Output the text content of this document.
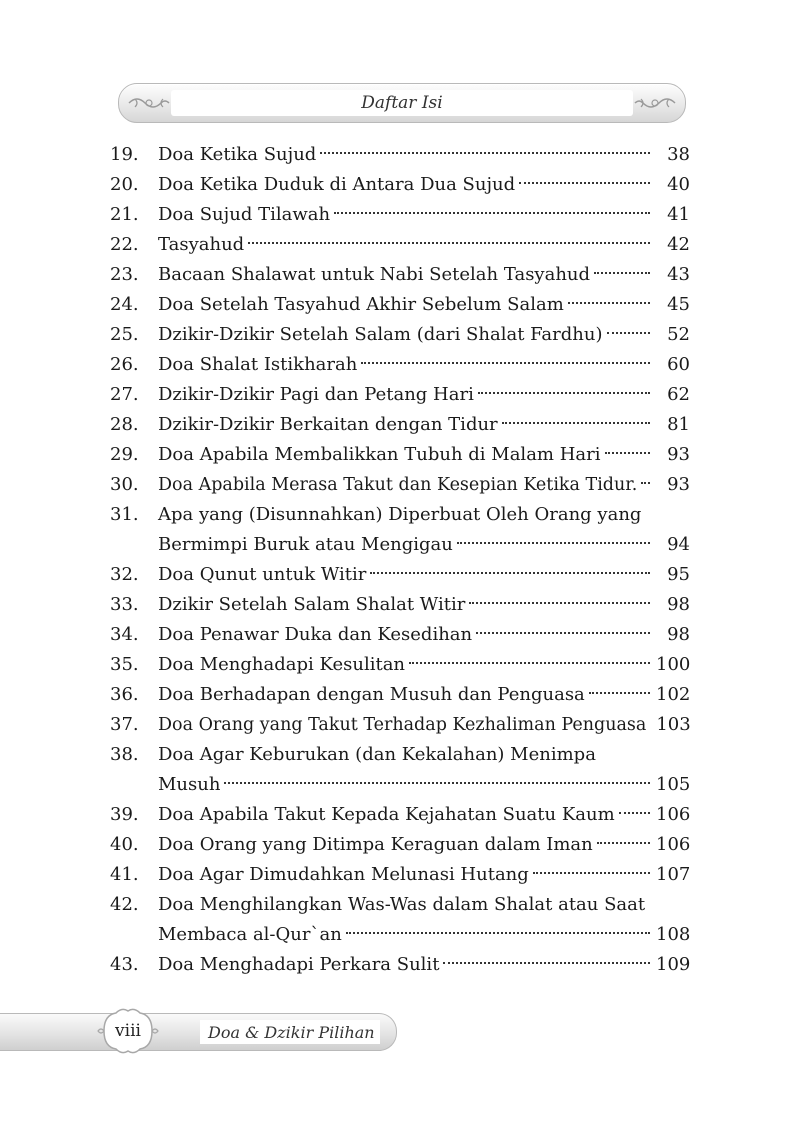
Daftar Isi
19.	Doa Ketika Sujud	38
20.	Doa Ketika Duduk di Antara Dua Sujud	40
21.	Doa Sujud Tilawah	41
22.	Tasyahud	42
23.	Bacaan Shalawat untuk Nabi Setelah Tasyahud	43
24.	Doa Setelah Tasyahud Akhir Sebelum Salam	45
25.	Dzikir-Dzikir Setelah Salam (dari Shalat Fardhu)	52
26.	Doa Shalat Istikharah	60
27.	Dzikir-Dzikir Pagi dan Petang Hari	62
28.	Dzikir-Dzikir Berkaitan dengan Tidur	81
29.	Doa Apabila Membalikkan Tubuh di Malam Hari	93
30.	Doa Apabila Merasa Takut dan Kesepian Ketika Tidur.	93
31.	Apa yang (Disunnahkan) Diperbuat Oleh Orang yang
Bermimpi Buruk atau Mengigau	94
32.	Doa Qunut untuk Witir	95
33.	Dzikir Setelah Salam Shalat Witir	98
34.	Doa Penawar Duka dan Kesedihan	98
35.	Doa Menghadapi Kesulitan	100
36.	Doa Berhadapan dengan Musuh dan Penguasa	102
37.	Doa Orang yang Takut Terhadap Kezhaliman Penguasa 103
38.	Doa Agar Keburukan (dan Kekalahan) Menimpa
Musuh	105
39.	Doa Apabila Takut Kepada Kejahatan Suatu Kaum 106
40.	Doa Orang yang Ditimpa Keraguan dalam Iman	106
41.	Doa Agar Dimudahkan Melunasi Hutang	107
42.	Doa Menghilangkan Was-Was dalam Shalat atau Saat
Membaca al-Qur`an	108
43.	Doa Menghadapi Perkara Sulit	109
Doa & Dzikir Pilihan
viii
